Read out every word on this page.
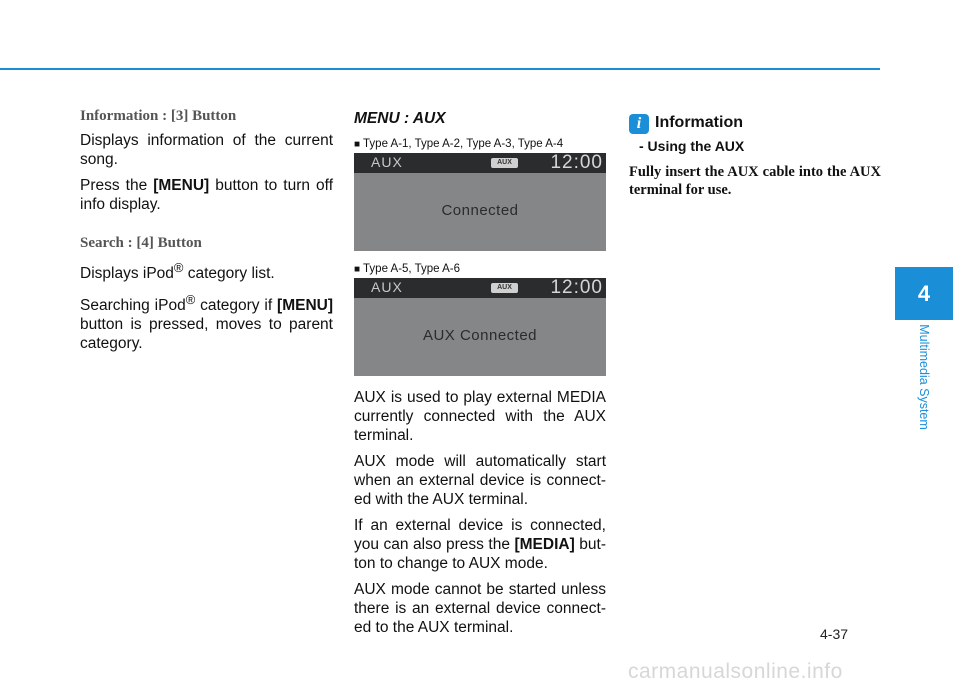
Information : [3] Button

Displays information of the current song.

Press the [MENU] button to turn off info display.

Search : [4] Button

Displays iPod® category list.

Searching iPod® category if [MENU] button is pressed, moves to parent category.

MENU : AUX
■ Type A-1, Type A-2, Type A-3, Type A-4
AUX	AUX	12:00
Connected
■ Type A-5, Type A-6
AUX	AUX	12:00
AUX Connected

AUX is used to play external MEDIA currently connected with the AUX terminal.

AUX mode will automatically start when an external device is connect-ed with the AUX terminal.

If an external device is connected, you can also press the [MEDIA] but-ton to change to AUX mode.

AUX mode cannot be started unless there is an external device connect-ed to the AUX terminal.

i Information
- Using the AUX

Fully insert the AUX cable into the AUX terminal for use.

4
Multimedia System
4-37
carmanualsonline.info
